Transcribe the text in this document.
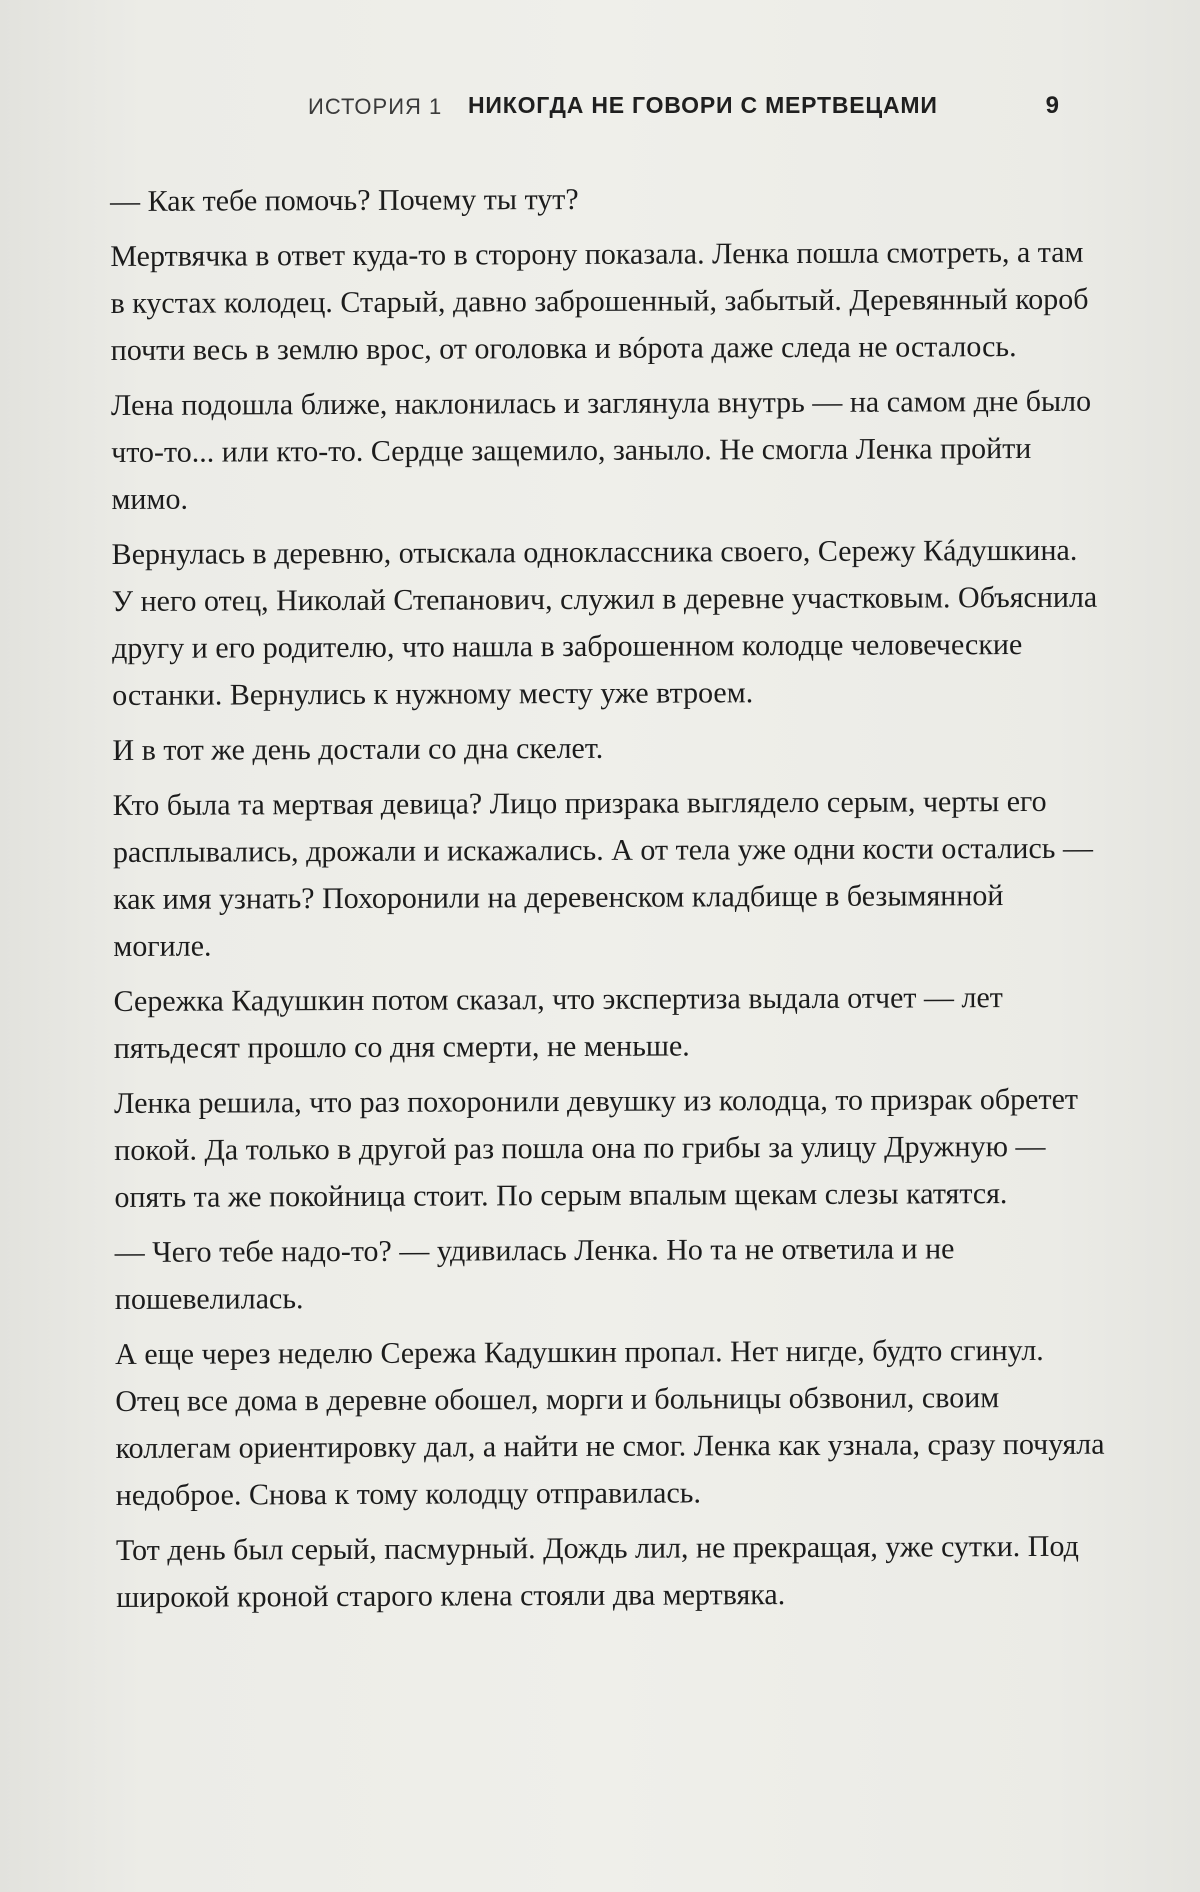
ИСТОРИЯ 1 НИКОГДА НЕ ГОВОРИ С МЕРТВЕЦАМИ	9

— Как тебе помочь? Почему ты тут?

Мертвячка в ответ куда-то в сторону показала. Ленка пошла смотреть, а там в кустах колодец. Старый, давно заброшенный, забытый. Деревянный короб почти весь в землю врос, от оголовка и вóрота даже следа не осталось.

Лена подошла ближе, наклонилась и заглянула внутрь — на самом дне было что-то... или кто-то. Сердце защемило, заныло. Не смогла Ленка пройти мимо.

Вернулась в деревню, отыскала одноклассника своего, Сережу Кáдушкина. У него отец, Николай Степанович, служил в деревне участковым. Объяснила другу и его родителю, что нашла в заброшенном колодце человеческие останки. Вернулись к нужному месту уже втроем.

И в тот же день достали со дна скелет.

Кто была та мертвая девица? Лицо призрака выглядело серым, черты его расплывались, дрожали и искажались. А от тела уже одни кости остались — как имя узнать? Похоронили на деревенском кладбище в безымянной могиле.

Сережка Кадушкин потом сказал, что экспертиза выдала отчет — лет пятьдесят прошло со дня смерти, не меньше.

Ленка решила, что раз похоронили девушку из колодца, то призрак обретет покой. Да только в другой раз пошла она по грибы за улицу Дружную — опять та же покойница стоит. По серым впалым щекам слезы катятся.

— Чего тебе надо-то? — удивилась Ленка. Но та не ответила и не пошевелилась.

А еще через неделю Сережа Кадушкин пропал. Нет нигде, будто сгинул. Отец все дома в деревне обошел, морги и больницы обзвонил, своим коллегам ориентировку дал, а найти не смог. Ленка как узнала, сразу почуяла недоброе. Снова к тому колодцу отправилась.

Тот день был серый, пасмурный. Дождь лил, не прекращая, уже сутки. Под широкой кроной старого клена стояли два мертвяка.
